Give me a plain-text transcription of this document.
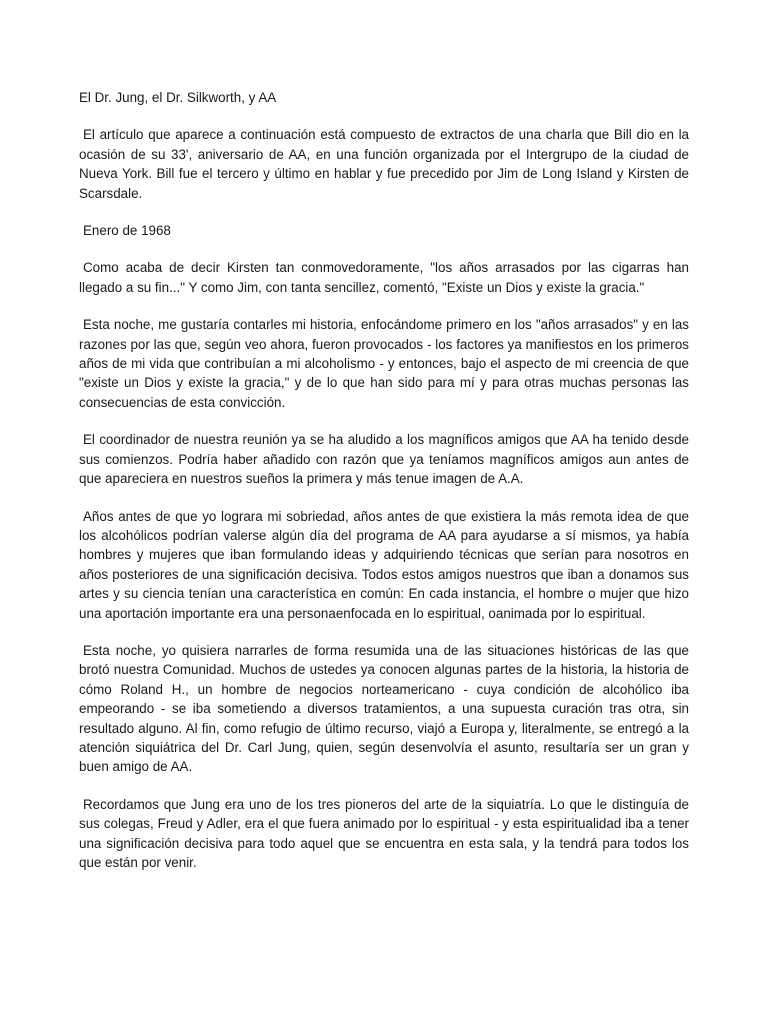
El Dr. Jung, el Dr. Silkworth, y AA

El artículo que aparece a continuación está compuesto de extractos de una charla que Bill dio en la ocasión de su 33', aniversario de AA, en una función organizada por el Intergrupo de la ciudad de Nueva York. Bill fue el tercero y último en hablar y fue precedido por Jim de Long Island y Kirsten de Scarsdale.

Enero de 1968

Como acaba de decir Kirsten tan conmovedoramente, "los años arrasados por las cigarras han llegado a su fin..." Y como Jim, con tanta sencillez, comentó, "Existe un Dios y existe la gracia."

Esta noche, me gustaría contarles mi historia, enfocándome primero en los "años arrasados" y en las razones por las que, según veo ahora, fueron provocados - los factores ya manifiestos en los primeros años de mi vida que contribuían a mi alcoholismo - y entonces, bajo el aspecto de mi creencia de que "existe un Dios y existe la gracia," y de lo que han sido para mí y para otras muchas personas las consecuencias de esta convicción.

El coordinador de nuestra reunión ya se ha aludido a los magníficos amigos que AA ha tenido desde sus comienzos. Podría haber añadido con razón que ya teníamos magníficos amigos aun antes de que apareciera en nuestros sueños la primera y más tenue imagen de A.A.

Años antes de que yo lograra mi sobriedad, años antes de que existiera la más remota idea de que los alcohólicos podrían valerse algún día del programa de AA para ayudarse a sí mismos, ya había hombres y mujeres que iban formulando ideas y adquiriendo técnicas que serían para nosotros en años posteriores de una significación decisiva. Todos estos amigos nuestros que iban a donamos sus artes y su ciencia tenían una característica en común: En cada instancia, el hombre o mujer que hizo una aportación importante era una personaenfocada en lo espiritual, oanimada por lo espiritual.

Esta noche, yo quisiera narrarles de forma resumida una de las situaciones históricas de las que brotó nuestra Comunidad. Muchos de ustedes ya conocen algunas partes de la historia, la historia de cómo Roland H., un hombre de negocios norteamericano - cuya condición de alcohólico iba empeorando - se iba sometiendo a diversos tratamientos, a una supuesta curación tras otra, sin resultado alguno. Al fin, como refugio de último recurso, viajó a Europa y, literalmente, se entregó a la atención siquiátrica del Dr. Carl Jung, quien, según desenvolvía el asunto, resultaría ser un gran y buen amigo de AA.

Recordamos que Jung era uno de los tres pioneros del arte de la siquiatría. Lo que le distinguía de sus colegas, Freud y Adler, era el que fuera animado por lo espiritual - y esta espiritualidad iba a tener una significación decisiva para todo aquel que se encuentra en esta sala, y la tendrá para todos los que están por venir.
